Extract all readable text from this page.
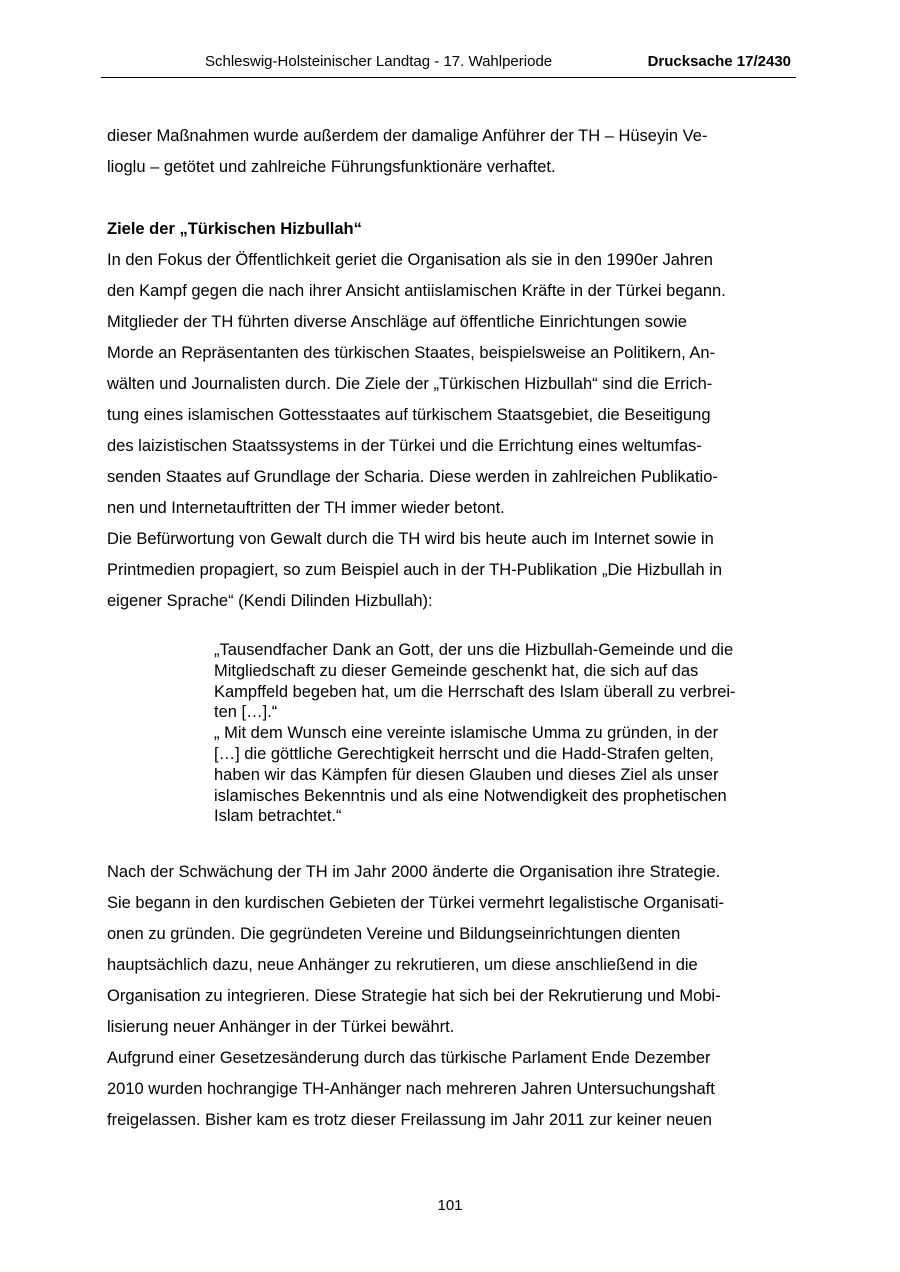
Schleswig-Holsteinischer Landtag - 17. Wahlperiode	Drucksache 17/2430
dieser Maßnahmen wurde außerdem der damalige Anführer der TH – Hüseyin Ve-
lioglu – getötet und zahlreiche Führungsfunktionäre verhaftet.
Ziele der „Türkischen Hizbullah“
In den Fokus der Öffentlichkeit geriet die Organisation als sie in den 1990er Jahren
den Kampf gegen die nach ihrer Ansicht antiislamischen Kräfte in der Türkei begann.
Mitglieder der TH führten diverse Anschläge auf öffentliche Einrichtungen sowie
Morde an Repräsentanten des türkischen Staates, beispielsweise an Politikern, An-
wälten und Journalisten durch. Die Ziele der „Türkischen Hizbullah“ sind die Errich-
tung eines islamischen Gottesstaates auf türkischem Staatsgebiet, die Beseitigung
des laizistischen Staatssystems in der Türkei und die Errichtung eines weltumfas-
senden Staates auf Grundlage der Scharia. Diese werden in zahlreichen Publikatio-
nen und Internetauftritten der TH immer wieder betont.
Die Befürwortung von Gewalt durch die TH wird bis heute auch im Internet sowie in
Printmedien propagiert, so zum Beispiel auch in der TH-Publikation „Die Hizbullah in
eigener Sprache“ (Kendi Dilinden Hizbullah):
„Tausendfacher Dank an Gott, der uns die Hizbullah-Gemeinde und die
Mitgliedschaft zu dieser Gemeinde geschenkt hat, die sich auf das
Kampffeld begeben hat, um die Herrschaft des Islam überall zu verbrei-
ten […].“
„ Mit dem Wunsch eine vereinte islamische Umma zu gründen, in der
[…] die göttliche Gerechtigkeit herrscht und die Hadd-Strafen gelten,
haben wir das Kämpfen für diesen Glauben und dieses Ziel als unser
islamisches Bekenntnis und als eine Notwendigkeit des prophetischen
Islam betrachtet.“
Nach der Schwächung der TH im Jahr 2000 änderte die Organisation ihre Strategie.
Sie begann in den kurdischen Gebieten der Türkei vermehrt legalistische Organisati-
onen zu gründen. Die gegründeten Vereine und Bildungseinrichtungen dienten
hauptsächlich dazu, neue Anhänger zu rekrutieren, um diese anschließend in die
Organisation zu integrieren. Diese Strategie hat sich bei der Rekrutierung und Mobi-
lisierung neuer Anhänger in der Türkei bewährt.
Aufgrund einer Gesetzesänderung durch das türkische Parlament Ende Dezember
2010 wurden hochrangige TH-Anhänger nach mehreren Jahren Untersuchungshaft
freigelassen. Bisher kam es trotz dieser Freilassung im Jahr 2011 zur keiner neuen
101
